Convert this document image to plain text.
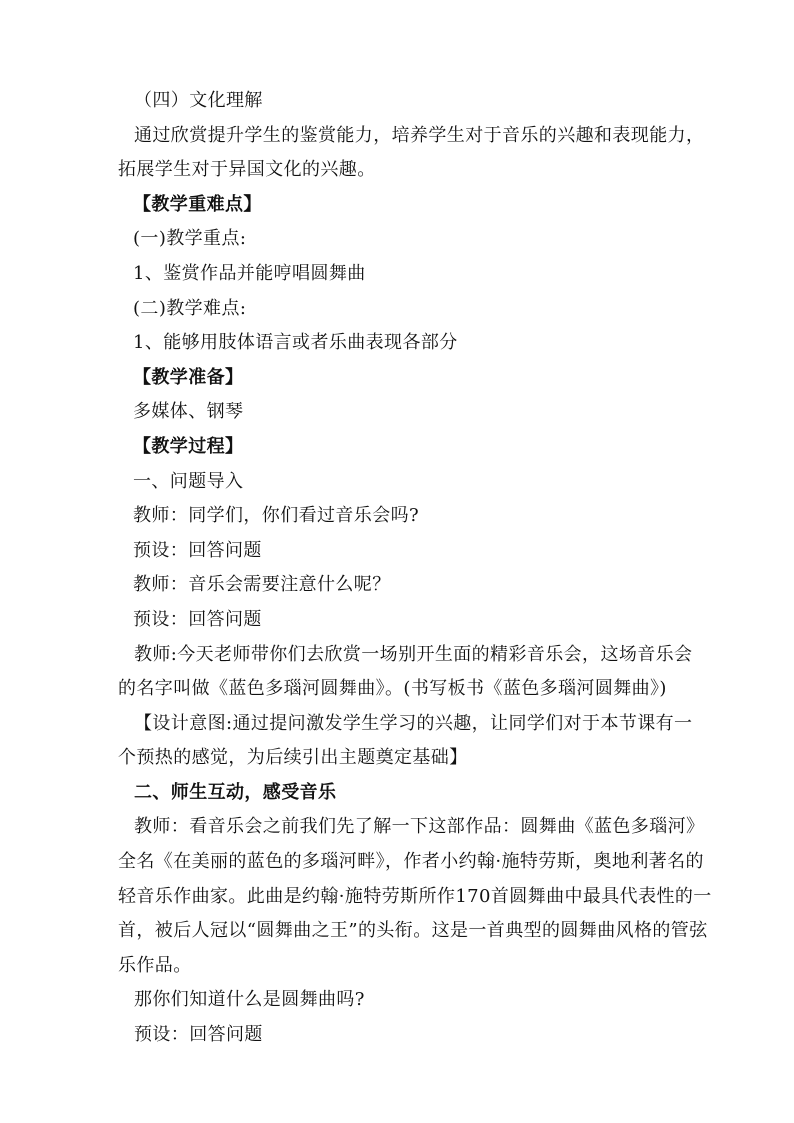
（四）文化理解

通过欣赏提升学生的鉴赏能力，培养学生对于音乐的兴趣和表现能力，

拓展学生对于异国文化的兴趣。

【教学重难点】

(一)教学重点:

1、鉴赏作品并能哼唱圆舞曲

(二)教学难点:

1、能够用肢体语言或者乐曲表现各部分

【教学准备】

多媒体、钢琴

【教学过程】

一、问题导入

教师：同学们，你们看过音乐会吗?

预设：回答问题

教师：音乐会需要注意什么呢？

预设：回答问题

教师:今天老师带你们去欣赏一场别开生面的精彩音乐会，这场音乐会

的名字叫做《蓝色多瑙河圆舞曲》。(书写板书《蓝色多瑙河圆舞曲》)

【设计意图:通过提问激发学生学习的兴趣，让同学们对于本节课有一

个预热的感觉，为后续引出主题奠定基础】

二、师生互动，感受音乐

教师：看音乐会之前我们先了解一下这部作品：圆舞曲《蓝色多瑙河》

全名《在美丽的蓝色的多瑙河畔》，作者小约翰·施特劳斯，奥地利著名的

轻音乐作曲家。此曲是约翰·施特劳斯所作170首圆舞曲中最具代表性的一

首，被后人冠以“圆舞曲之王”的头衔。这是一首典型的圆舞曲风格的管弦

乐作品。

那你们知道什么是圆舞曲吗?

预设：回答问题
